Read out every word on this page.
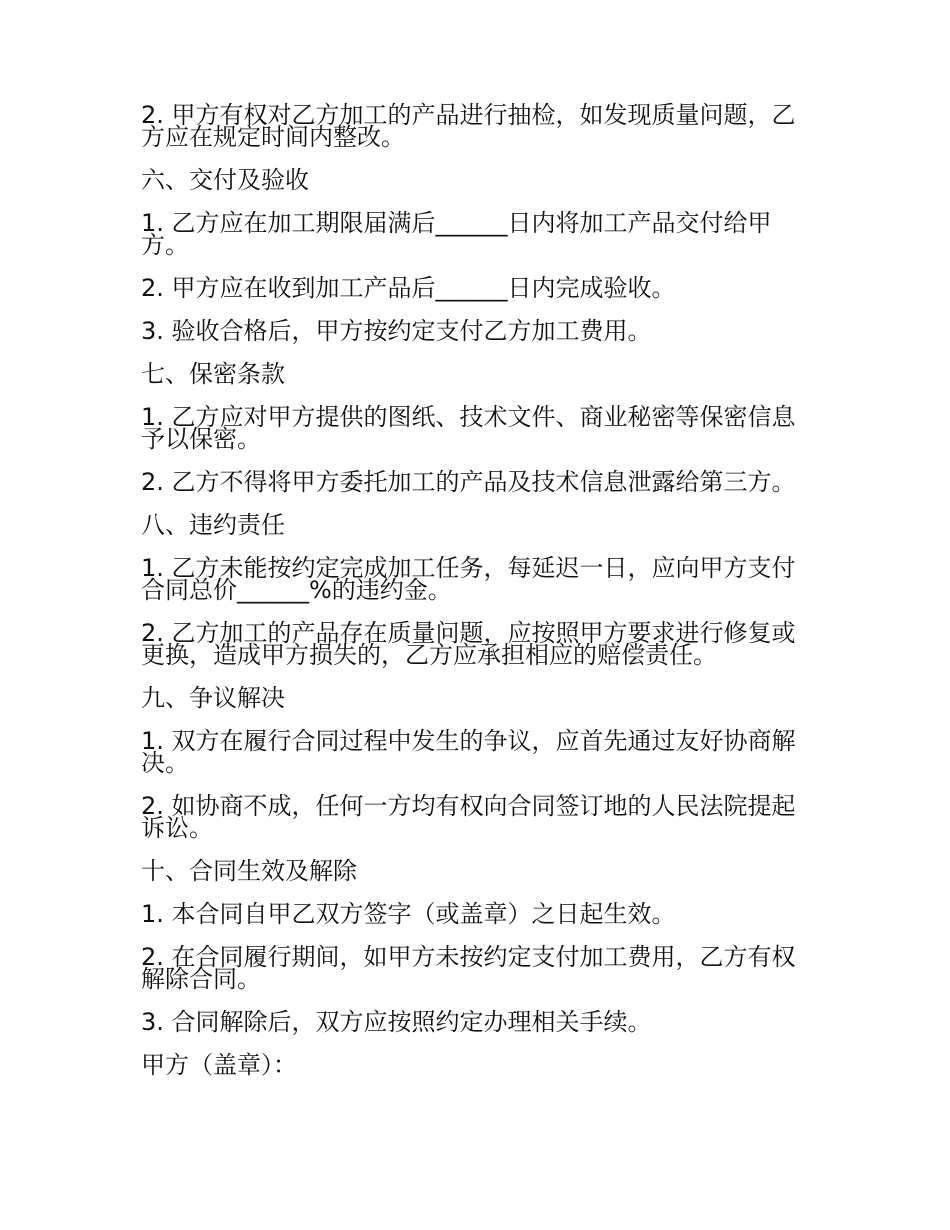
2. 甲方有权对乙方加工的产品进行抽检，如发现质量问题，乙方应在规定时间内整改。

六、交付及验收

1. 乙方应在加工期限届满后______日内将加工产品交付给甲方。

2. 甲方应在收到加工产品后______日内完成验收。

3. 验收合格后，甲方按约定支付乙方加工费用。

七、保密条款

1. 乙方应对甲方提供的图纸、技术文件、商业秘密等保密信息予以保密。

2. 乙方不得将甲方委托加工的产品及技术信息泄露给第三方。

八、违约责任

1. 乙方未能按约定完成加工任务，每延迟一日，应向甲方支付合同总价______%的违约金。

2. 乙方加工的产品存在质量问题，应按照甲方要求进行修复或更换，造成甲方损失的，乙方应承担相应的赔偿责任。

九、争议解决

1. 双方在履行合同过程中发生的争议，应首先通过友好协商解决。

2. 如协商不成，任何一方均有权向合同签订地的人民法院提起诉讼。

十、合同生效及解除

1. 本合同自甲乙双方签字（或盖章）之日起生效。

2. 在合同履行期间，如甲方未按约定支付加工费用，乙方有权解除合同。

3. 合同解除后，双方应按照约定办理相关手续。

甲方（盖章）：
